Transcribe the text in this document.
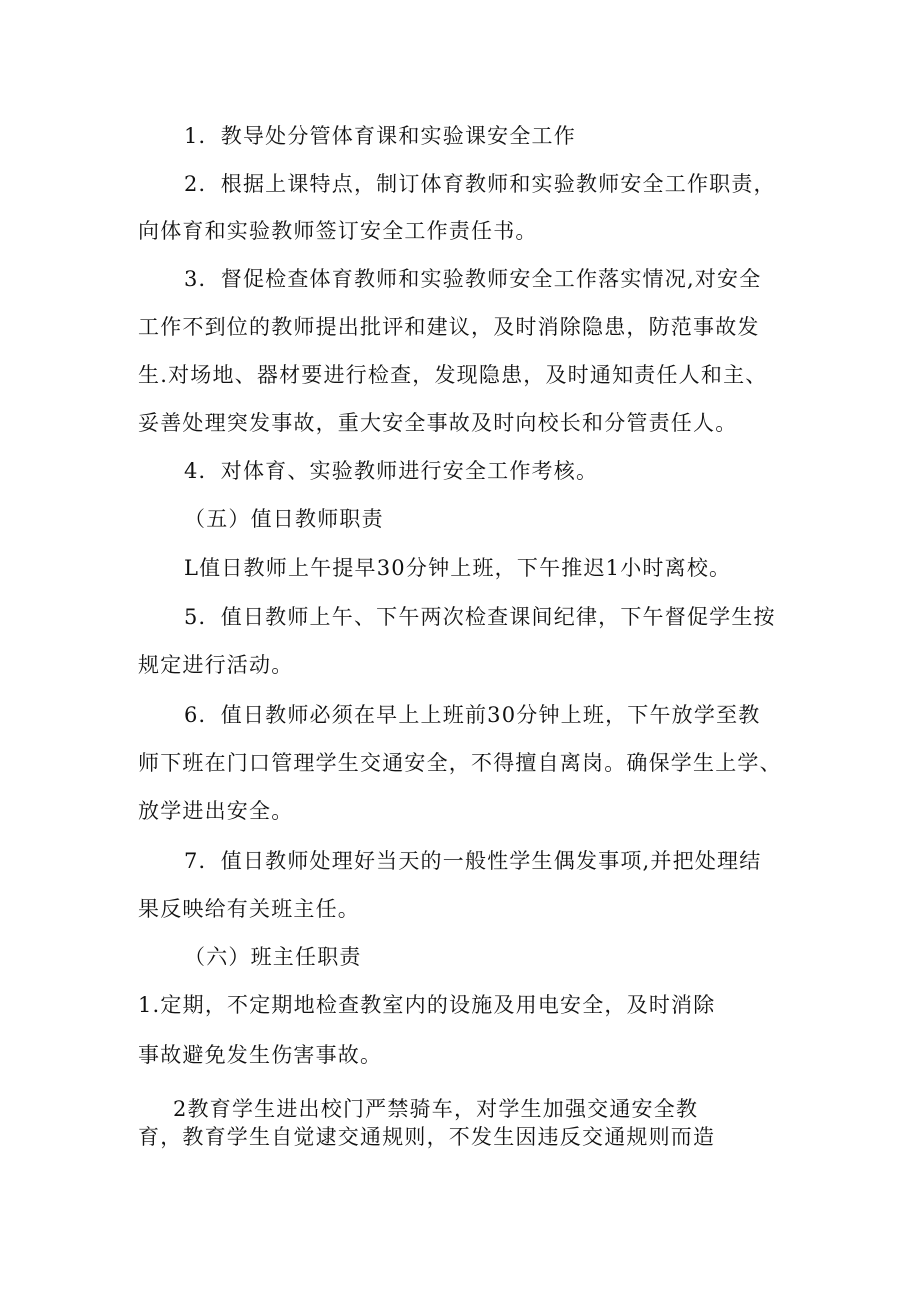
1．教导处分管体育课和实验课安全工作
2．根据上课特点，制订体育教师和实验教师安全工作职责，
向体育和实验教师签订安全工作责任书。
3．督促检查体育教师和实验教师安全工作落实情况,对安全
工作不到位的教师提出批评和建议，及时消除隐患，防范事故发
生.对场地、器材要进行检查，发现隐患，及时通知责任人和主、
妥善处理突发事故，重大安全事故及时向校长和分管责任人。
4．对体育、实验教师进行安全工作考核。
（五）值日教师职责
L值日教师上午提早30分钟上班，下午推迟1小时离校。
5．值日教师上午、下午两次检查课间纪律，下午督促学生按
规定进行活动。
6．值日教师必须在早上上班前30分钟上班，下午放学至教
师下班在门口管理学生交通安全，不得擅自离岗。确保学生上学、
放学进出安全。
7．值日教师处理好当天的一般性学生偶发事项,并把处理结
果反映给有关班主任。
（六）班主任职责
1.定期，不定期地检查教室内的设施及用电安全，及时消除
事故避免发生伤害事故。
2教育学生进出校门严禁骑车，对学生加强交通安全教
育，教育学生自觉逮交通规则，不发生因违反交通规则而造
